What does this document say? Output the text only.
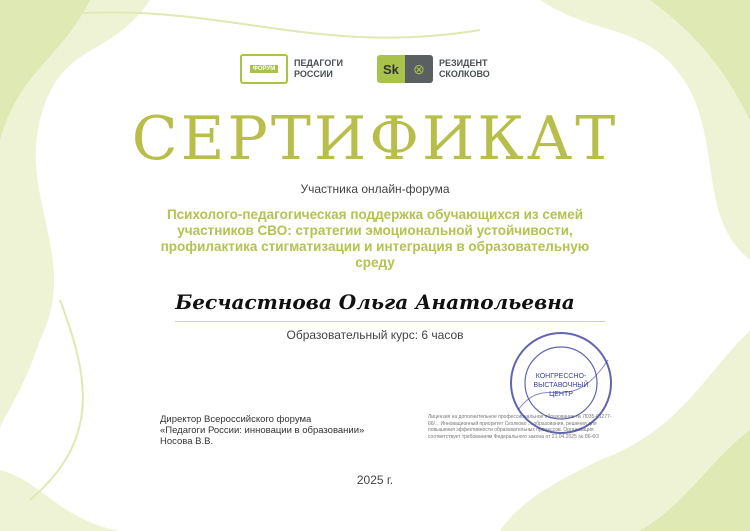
ФОРУМ
ПЕДАГОГИ
РОССИИ	Sk	⊗	РЕЗИДЕНТ
СКОЛКОВО
СЕРТИФИКАТ
Участника онлайн-форума
Психолого-педагогическая поддержка обучающихся из семей участников СВО: стратегии эмоциональной устойчивости, профилактика стигматизации и интеграция в образовательную среду
Бесчастнова Ольга Анатольевна
Образовательный курс: 6 часов
Директор Всероссийского форума
«Педагоги России: инновации в образовании»
Носова В.В.
Лицензия на дополнительное профессиональное образование № Л035-01277-66/... Инновационный приоритет Сколково ... образования, решения для повышения эффективности образовательных процессов. Организация соответствует требованиям Федерального закона от 21.04.2025 № 86-ФЗ
КОНГРЕССНО-
ВЫСТАВОЧНЫЙ
ЦЕНТР
2025 г.
